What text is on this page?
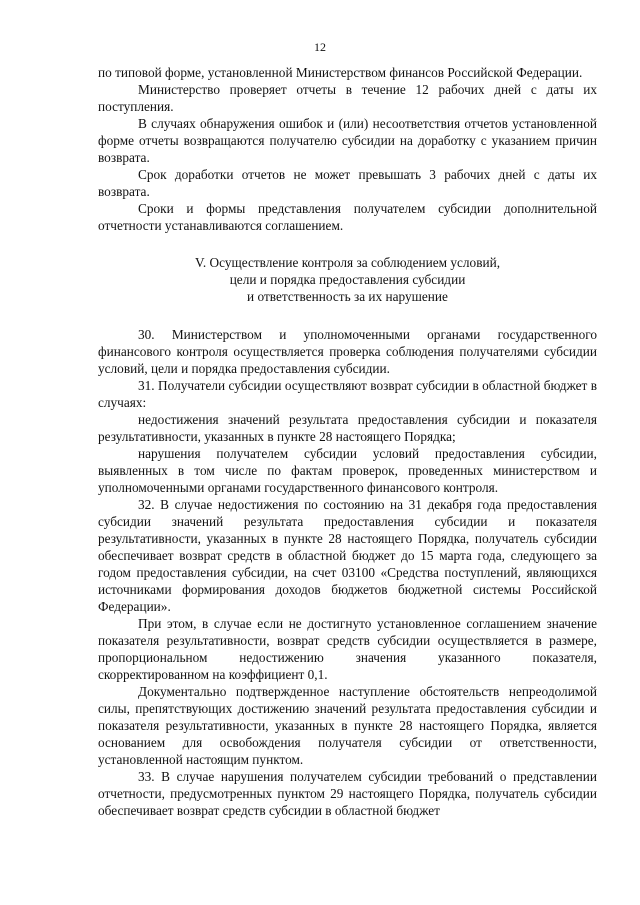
12

по типовой форме, установленной Министерством финансов Российской Федерации.

Министерство проверяет отчеты в течение 12 рабочих дней с даты их поступления.

В случаях обнаружения ошибок и (или) несоответствия отчетов установленной форме отчеты возвращаются получателю субсидии на доработку с указанием причин возврата.

Срок доработки отчетов не может превышать 3 рабочих дней с даты их возврата.

Сроки и формы представления получателем субсидии дополнительной отчетности устанавливаются соглашением.

V. Осуществление контроля за соблюдением условий,
цели и порядка предоставления субсидии
и ответственность за их нарушение

30. Министерством и уполномоченными органами государственного финансового контроля осуществляется проверка соблюдения получателями субсидии условий, цели и порядка предоставления субсидии.

31. Получатели субсидии осуществляют возврат субсидии в областной бюджет в случаях:

недостижения значений результата предоставления субсидии и показателя результативности, указанных в пункте 28 настоящего Порядка;

нарушения получателем субсидии условий предоставления субсидии, выявленных в том числе по фактам проверок, проведенных министерством и уполномоченными органами государственного финансового контроля.

32. В случае недостижения по состоянию на 31 декабря года предоставления субсидии значений результата предоставления субсидии и показателя результативности, указанных в пункте 28 настоящего Порядка, получатель субсидии обеспечивает возврат средств в областной бюджет до 15 марта года, следующего за годом предоставления субсидии, на счет 03100 «Средства поступлений, являющихся источниками формирования доходов бюджетов бюджетной системы Российской Федерации».

При этом, в случае если не достигнуто установленное соглашением значение показателя результативности, возврат средств субсидии осуществляется в размере, пропорциональном недостижению значения указанного показателя, скорректированном на коэффициент 0,1.

Документально подтвержденное наступление обстоятельств непреодолимой силы, препятствующих достижению значений результата предоставления субсидии и показателя результативности, указанных в пункте 28 настоящего Порядка, является основанием для освобождения получателя субсидии от ответственности, установленной настоящим пунктом.

33. В случае нарушения получателем субсидии требований о представлении отчетности, предусмотренных пунктом 29 настоящего Порядка, получатель субсидии обеспечивает возврат средств субсидии в областной бюджет
